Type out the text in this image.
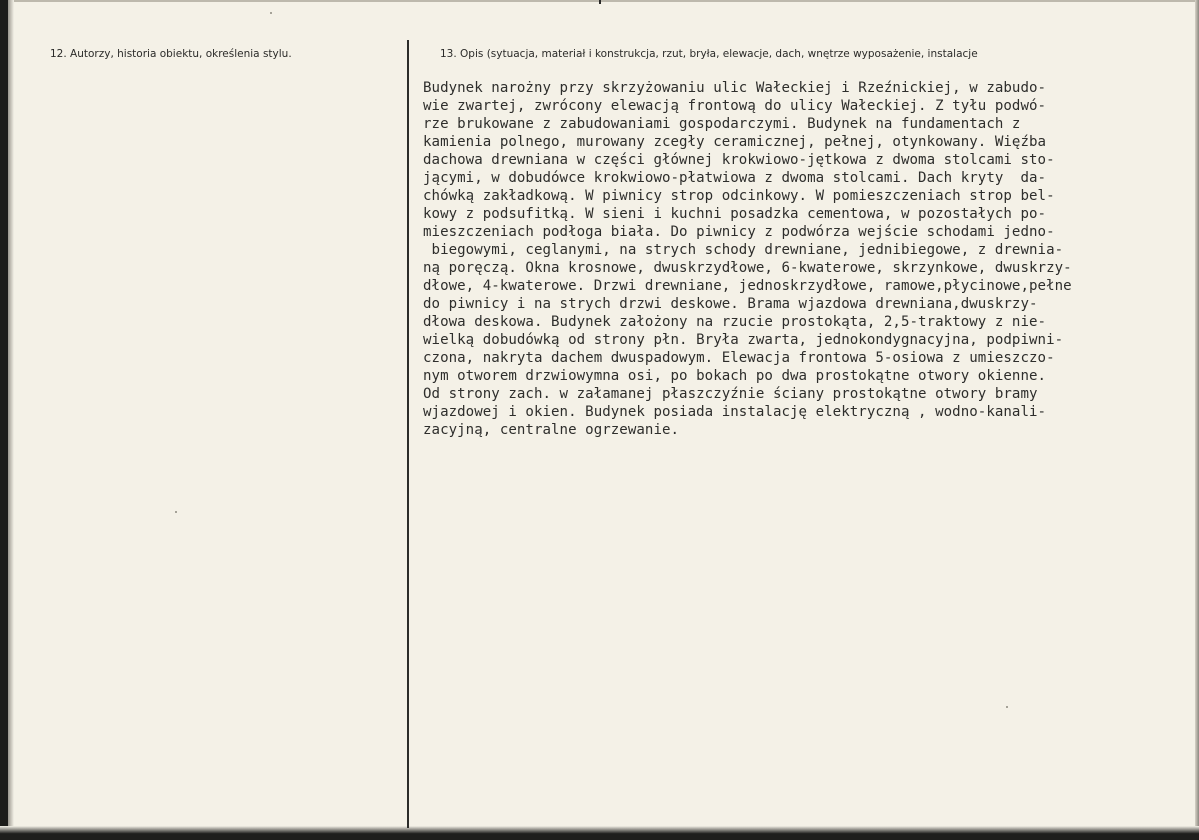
12. Autorzy, historia obiektu, określenia stylu.	13. Opis (sytuacja, materiał i konstrukcja, rzut, bryła, elewacje, dach, wnętrze wyposażenie, instalacje
Budynek narożny przy skrzyżowaniu ulic Wałeckiej i Rzeźnickiej, w zabudo-
wie zwartej, zwrócony elewacją frontową do ulicy Wałeckiej. Z tyłu podwó-
rze brukowane z zabudowaniami gospodarczymi. Budynek na fundamentach z
kamienia polnego, murowany zcegły ceramicznej, pełnej, otynkowany. Więźba
dachowa drewniana w części głównej krokwiowo-jętkowa z dwoma stolcami sto-
jącymi, w dobudówce krokwiowo-płatwiowa z dwoma stolcami. Dach kryty  da-
chówką zakładkową. W piwnicy strop odcinkowy. W pomieszczeniach strop bel-
kowy z podsufitką. W sieni i kuchni posadzka cementowa, w pozostałych po-
mieszczeniach podłoga biała. Do piwnicy z podwórza wejście schodami jedno-
biegowymi, ceglanymi, na strych schody drewniane, jednibiegowe, z drewnia-
ną poręczą. Okna krosnowe, dwuskrzydłowe, 6-kwaterowe, skrzynkowe, dwuskrzy-
dłowe, 4-kwaterowe. Drzwi drewniane, jednoskrzydłowe, ramowe,płycinowe,pełne
do piwnicy i na strych drzwi deskowe. Brama wjazdowa drewniana,dwuskrzy-
dłowa deskowa. Budynek założony na rzucie prostokąta, 2,5-traktowy z nie-
wielką dobudówką od strony płn. Bryła zwarta, jednokondygnacyjna, podpiwni-
czona, nakryta dachem dwuspadowym. Elewacja frontowa 5-osiowa z umieszczo-
nym otworem drzwiowymna osi, po bokach po dwa prostokątne otwory okienne.
Od strony zach. w załamanej płaszczyźnie ściany prostokątne otwory bramy
wjazdowej i okien. Budynek posiada instalację elektryczną , wodno-kanali-
zacyjną, centralne ogrzewanie.
